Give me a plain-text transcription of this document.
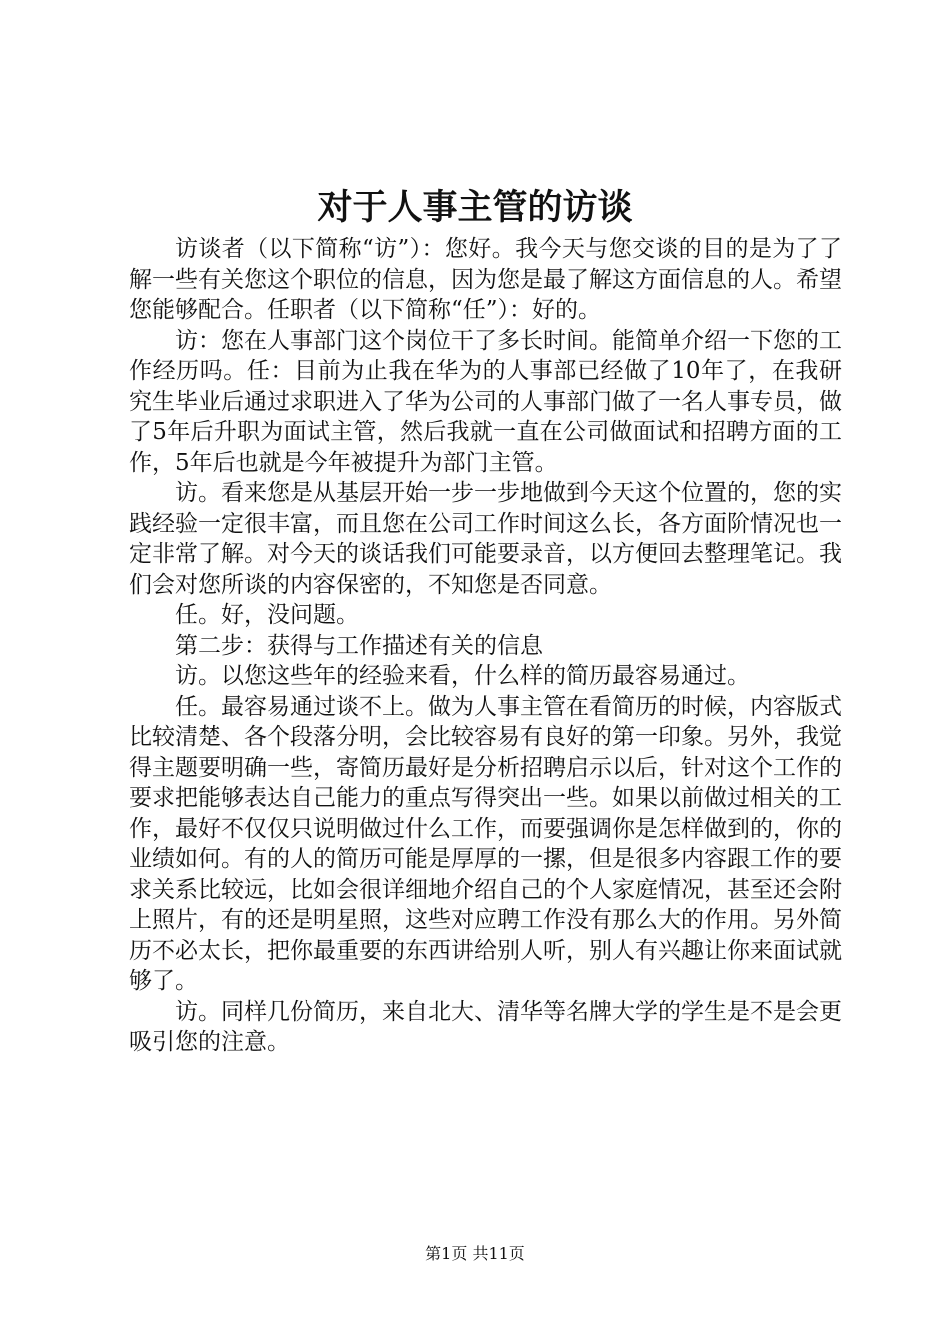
对于人事主管的访谈

访谈者（以下简称“访”）：您好。我今天与您交谈的目的是为了了解一些有关您这个职位的信息，因为您是最了解这方面信息的人。希望您能够配合。任职者（以下简称“任”）：好的。

访：您在人事部门这个岗位干了多长时间。能简单介绍一下您的工作经历吗。任：目前为止我在华为的人事部已经做了10年了，在我研究生毕业后通过求职进入了华为公司的人事部门做了一名人事专员，做了5年后升职为面试主管，然后我就一直在公司做面试和招聘方面的工作，5年后也就是今年被提升为部门主管。

访。看来您是从基层开始一步一步地做到今天这个位置的，您的实践经验一定很丰富，而且您在公司工作时间这么长，各方面阶情况也一定非常了解。对今天的谈话我们可能要录音，以方便回去整理笔记。我们会对您所谈的内容保密的，不知您是否同意。

任。好，没问题。

第二步：获得与工作描述有关的信息

访。以您这些年的经验来看，什么样的简历最容易通过。

任。最容易通过谈不上。做为人事主管在看简历的时候，内容版式比较清楚、各个段落分明，会比较容易有良好的第一印象。另外，我觉得主题要明确一些，寄简历最好是分析招聘启示以后，针对这个工作的要求把能够表达自己能力的重点写得突出一些。如果以前做过相关的工作，最好不仅仅只说明做过什么工作，而要强调你是怎样做到的，你的业绩如何。有的人的简历可能是厚厚的一摞，但是很多内容跟工作的要求关系比较远，比如会很详细地介绍自己的个人家庭情况，甚至还会附上照片，有的还是明星照，这些对应聘工作没有那么大的作用。另外简历不必太长，把你最重要的东西讲给别人听，别人有兴趣让你来面试就够了。

访。同样几份简历，来自北大、清华等名牌大学的学生是不是会更吸引您的注意。

第1页 共11页
